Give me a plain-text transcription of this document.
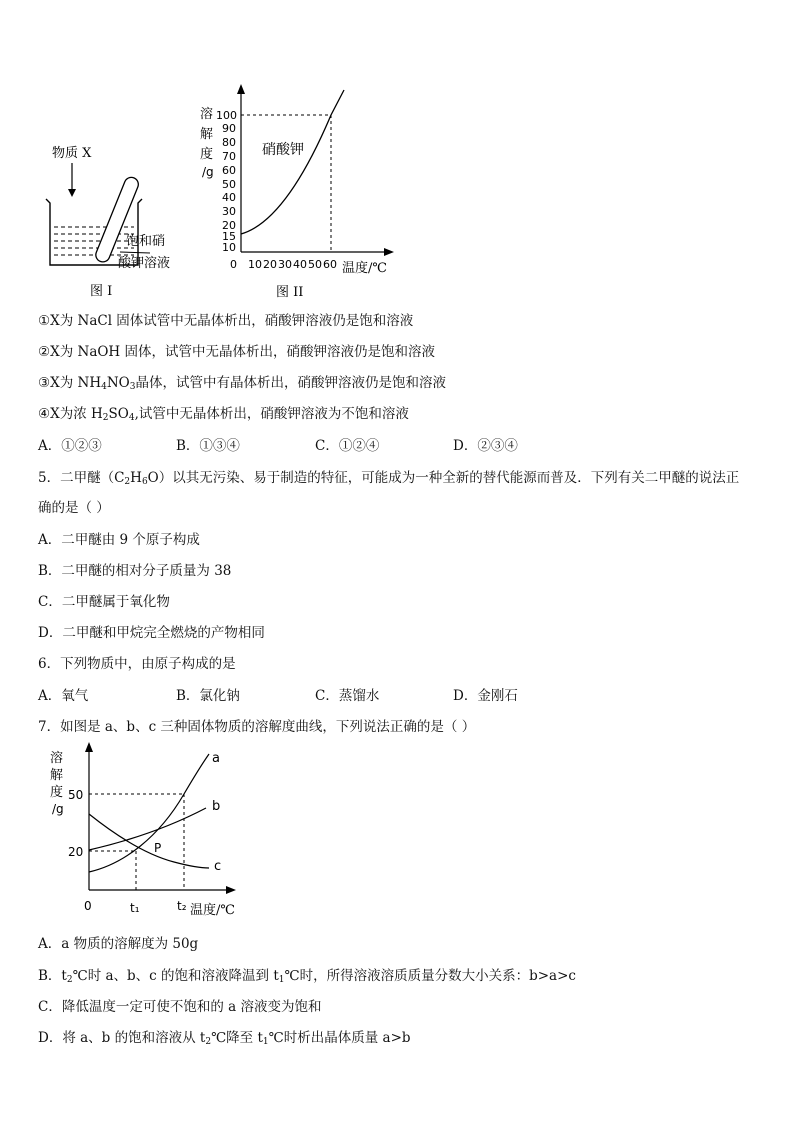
物质 X
饱和硝
酸钾溶液
图 I
溶
解
度
/g
100
90
80
70
60
50
40
30
20
15
10
0 10 20 30 40 50 60 温度/℃
硝酸钾
图 II
①X为 NaCl 固体试管中无晶体析出，硝酸钾溶液仍是饱和溶液
②X为 NaOH 固体，试管中无晶体析出，硝酸钾溶液仍是饱和溶液
③X为 $NH_4NO_3$晶体，试管中有晶体析出，硝酸钾溶液仍是饱和溶液
④X为浓 $H_2SO_4$,试管中无晶体析出，硝酸钾溶液为不饱和溶液
A．①②③	B．①③④	C．①②④	D．②③④
5．二甲醚$(C_2H_6O)$以其无污染、易于制造的特征，可能成为一种全新的替代能源而普及．下列有关二甲醚的说法正
确的是（ ）
A．二甲醚由 9 个原子构成
B．二甲醚的相对分子质量为 38
C．二甲醚属于氧化物
D．二甲醚和甲烷完全燃烧的产物相同
6．下列物质中，由原子构成的是
A．氧气	B．氯化钠	C．蒸馏水	D．金刚石
7．如图是 a、b、c 三种固体物质的溶解度曲线，下列说法正确的是（ ）
溶
解
度
/g
a
b
c
P
50
20
0	t₁	t₂ 温度/℃
A．a 物质的溶解度为 50g
B．$t_2℃$时 a、b、c 的饱和溶液降温到 $t_1℃$时，所得溶液溶质质量分数大小关系：b>a>c
C．降低温度一定可使不饱和的 a 溶液变为饱和
D．将 a、b 的饱和溶液从 $t_2℃$降至 $t_1℃$时析出晶体质量 a>b
